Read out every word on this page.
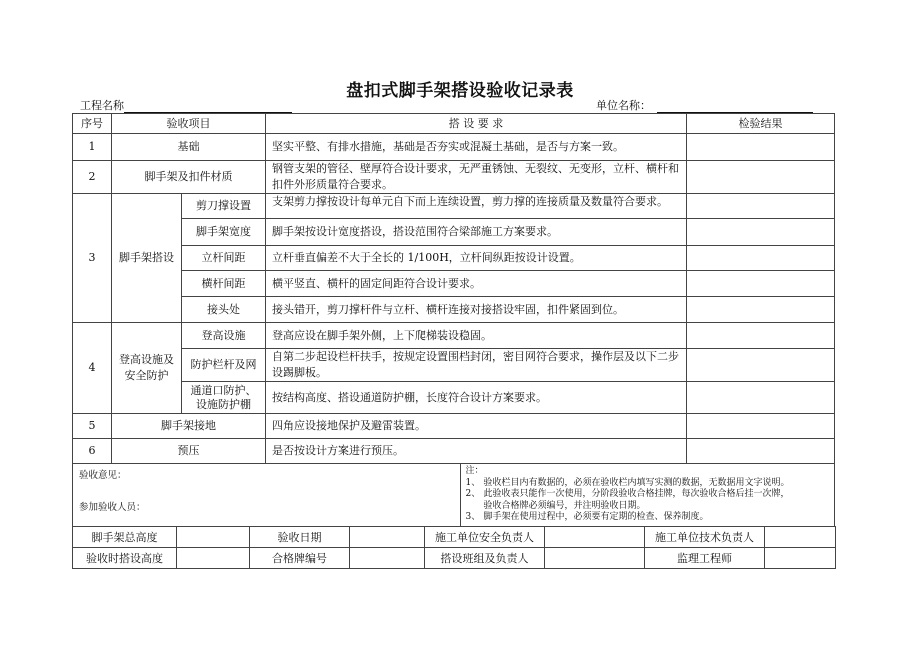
盘扣式脚手架搭设验收记录表
工程名称	单位名称：
序号	验收项目		搭 设 要 求	检验结果
1	基础		坚实平整、有排水措施，基础是否夯实或混凝土基础，是否与方案一致。	
2	脚手架及扣件材质		钢管支架的管径、壁厚符合设计要求，无严重锈蚀、无裂纹、无变形，立杆、横杆和扣件外形质量符合要求。	
3	脚手架搭设	剪刀撑设置	支架剪力撑按设计每单元自下而上连续设置，剪力撑的连接质量及数量符合要求。	
		脚手架宽度	脚手架按设计宽度搭设，搭设范围符合梁部施工方案要求。	
		立杆间距	立杆垂直偏差不大于全长的 1/100H，立杆间纵距按设计设置。	
		横杆间距	横平竖直、横杆的固定间距符合设计要求。	
		接头处	接头错开，剪刀撑杆件与立杆、横杆连接对接搭设牢固，扣件紧固到位。	
4	登高设施及安全防护	登高设施	登高应设在脚手架外侧，上下爬梯装设稳固。	
		防护栏杆及网	自第二步起设栏杆扶手，按规定设置围档封闭，密目网符合要求，操作层及以下二步设踢脚板。	
		通道口防护、设施防护棚	按结构高度、搭设通道防护棚，长度符合设计方案要求。	
5	脚手架接地		四角应设接地保护及避雷装置。	
6	预压		是否按设计方案进行预压。	

验收意见：
参加验收人员：

注：
1、 验收栏目内有数据的，必须在验收栏内填写实测的数据，无数据用文字说明。
2、 此验收表只能作一次使用，分阶段验收合格挂牌，每次验收合格后挂一次牌，
验收合格牌必须编号，并注明验收日期。
3、 脚手架在使用过程中，必须要有定期的检查、保养制度。
脚手架总高度		验收日期		施工单位安全负责人		施工单位技术负责人	
验收时搭设高度		合格牌编号		搭设班组及负责人		监理工程师	
